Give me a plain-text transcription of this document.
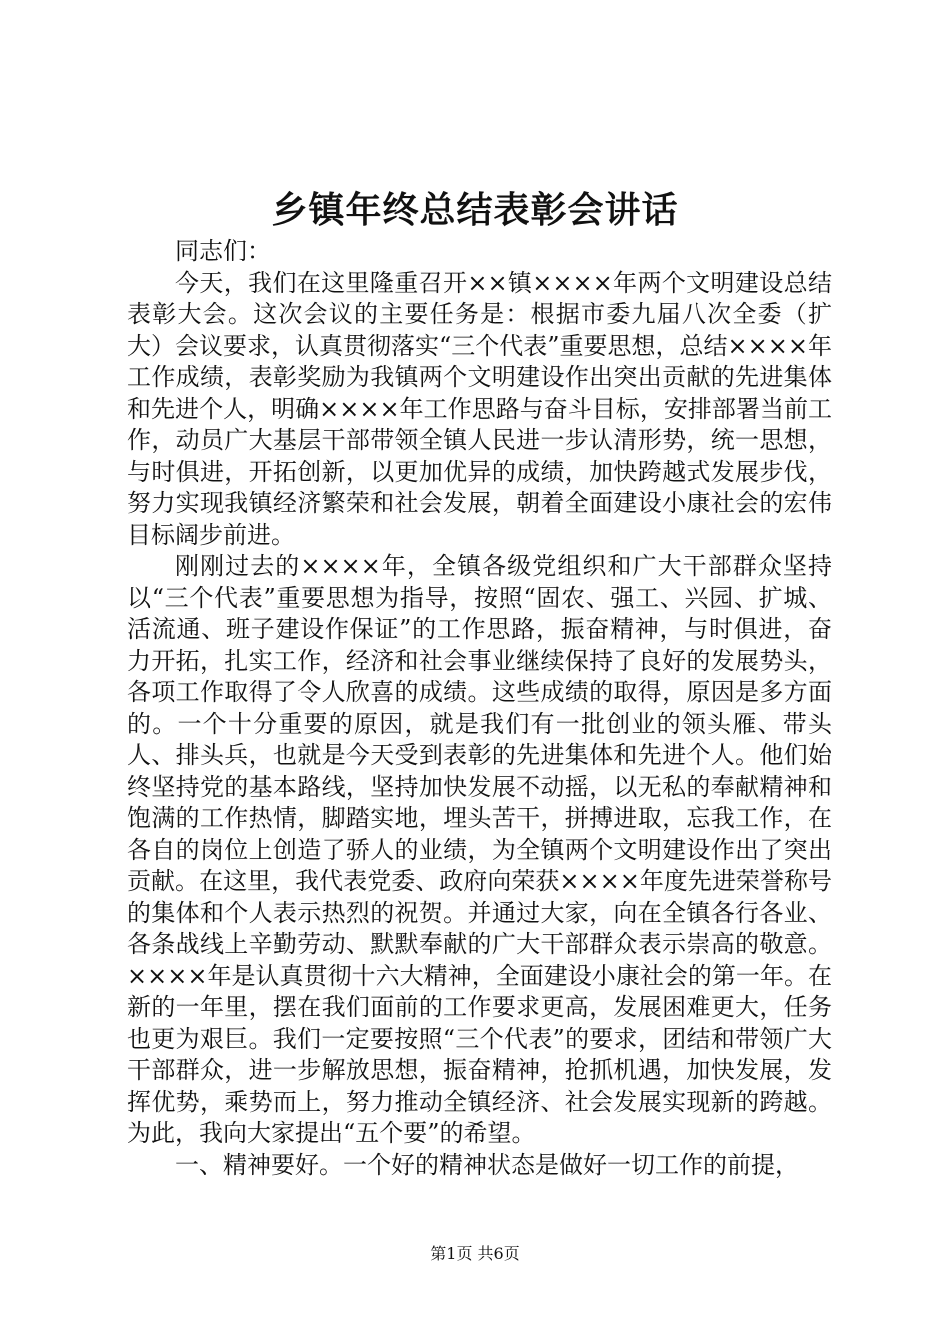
乡镇年终总结表彰会讲话

同志们：

今天，我们在这里隆重召开××镇××××年两个文明建设总结表彰大会。这次会议的主要任务是：根据市委九届八次全委（扩大）会议要求，认真贯彻落实“三个代表”重要思想，总结××××年工作成绩，表彰奖励为我镇两个文明建设作出突出贡献的先进集体和先进个人，明确××××年工作思路与奋斗目标，安排部署当前工作，动员广大基层干部带领全镇人民进一步认清形势，统一思想，与时俱进，开拓创新，以更加优异的成绩，加快跨越式发展步伐，努力实现我镇经济繁荣和社会发展，朝着全面建设小康社会的宏伟目标阔步前进。

刚刚过去的××××年，全镇各级党组织和广大干部群众坚持以“三个代表”重要思想为指导，按照“固农、强工、兴园、扩城、活流通、班子建设作保证”的工作思路，振奋精神，与时俱进，奋力开拓，扎实工作，经济和社会事业继续保持了良好的发展势头，各项工作取得了令人欣喜的成绩。这些成绩的取得，原因是多方面的。一个十分重要的原因，就是我们有一批创业的领头雁、带头人、排头兵，也就是今天受到表彰的先进集体和先进个人。他们始终坚持党的基本路线，坚持加快发展不动摇，以无私的奉献精神和饱满的工作热情，脚踏实地，埋头苦干，拼搏进取，忘我工作，在各自的岗位上创造了骄人的业绩，为全镇两个文明建设作出了突出贡献。在这里，我代表党委、政府向荣获××××年度先进荣誉称号的集体和个人表示热烈的祝贺。并通过大家，向在全镇各行各业、各条战线上辛勤劳动、默默奉献的广大干部群众表示崇高的敬意。××××年是认真贯彻十六大精神，全面建设小康社会的第一年。在新的一年里，摆在我们面前的工作要求更高，发展困难更大，任务也更为艰巨。我们一定要按照“三个代表”的要求，团结和带领广大干部群众，进一步解放思想，振奋精神，抢抓机遇，加快发展，发挥优势，乘势而上，努力推动全镇经济、社会发展实现新的跨越。为此，我向大家提出“五个要”的希望。

一、精神要好。一个好的精神状态是做好一切工作的前提，

第1页 共6页
